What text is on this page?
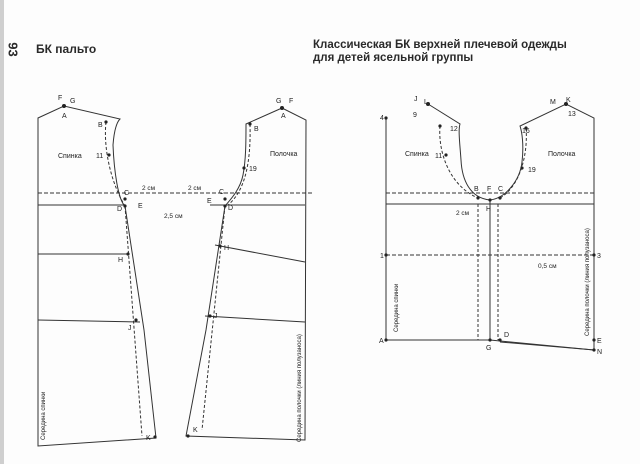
93 БК пальто	Классическая БК верхней плечевой одежды
для детей ясельной группы
F G
A
B
11
C
D E
H
J
K
Спинка
2 см
2,5 см
Середина спинки
G F
A
B
19
C
E
D
H
J
K
Полочка
2 см
Середина полочки (линия полузаноса)
J L
9
4
12
11
M K
13
16
19
B F C
H
1	3
A
G
D
E
N
Спинка	Полочка
2 см
0,5 см
Середина спинки	Середина полочки (линия полузаноса)
